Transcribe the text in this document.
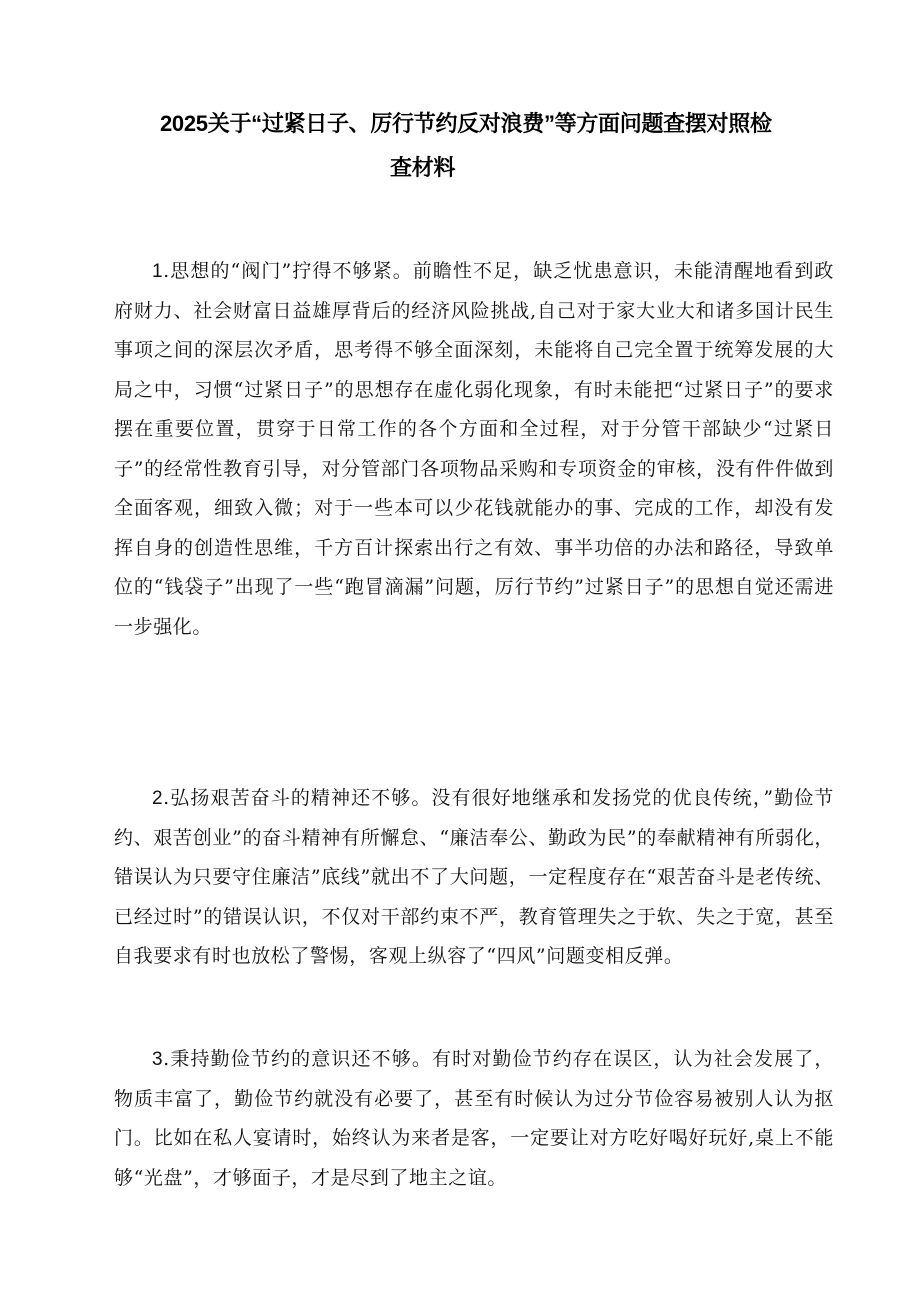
2025关于“过紧日子、厉行节约反对浪费”等方面问题查摆对照检
查材料

1.思想的“阀门”拧得不够紧。前瞻性不足，缺乏忧患意识，未能清醒地看到政府财力、社会财富日益雄厚背后的经济风险挑战,自己对于家大业大和诸多国计民生事项之间的深层次矛盾，思考得不够全面深刻，未能将自己完全置于统筹发展的大局之中，习惯“过紧日子”的思想存在虚化弱化现象，有时未能把“过紧日子”的要求摆在重要位置，贯穿于日常工作的各个方面和全过程，对于分管干部缺少“过紧日子”的经常性教育引导，对分管部门各项物品采购和专项资金的审核，没有件件做到全面客观，细致入微；对于一些本可以少花钱就能办的事、完成的工作，却没有发挥自身的创造性思维，千方百计探索出行之有效、事半功倍的办法和路径，导致单位的“钱袋子”出现了一些“跑冒滴漏”问题，厉行节约”过紧日子”的思想自觉还需进一步强化。

2.弘扬艰苦奋斗的精神还不够。没有很好地继承和发扬党的优良传统，”勤俭节约、艰苦创业”的奋斗精神有所懈怠、“廉洁奉公、勤政为民”的奉献精神有所弱化，错误认为只要守住廉洁”底线”就出不了大问题，一定程度存在“艰苦奋斗是老传统、已经过时”的错误认识，不仅对干部约束不严，教育管理失之于软、失之于宽，甚至自我要求有时也放松了警惕，客观上纵容了“四风”问题变相反弹。

3.秉持勤俭节约的意识还不够。有时对勤俭节约存在误区，认为社会发展了，物质丰富了，勤俭节约就没有必要了，甚至有时候认为过分节俭容易被别人认为抠门。比如在私人宴请时，始终认为来者是客，一定要让对方吃好喝好玩好,桌上不能够“光盘”，才够面子，才是尽到了地主之谊。
